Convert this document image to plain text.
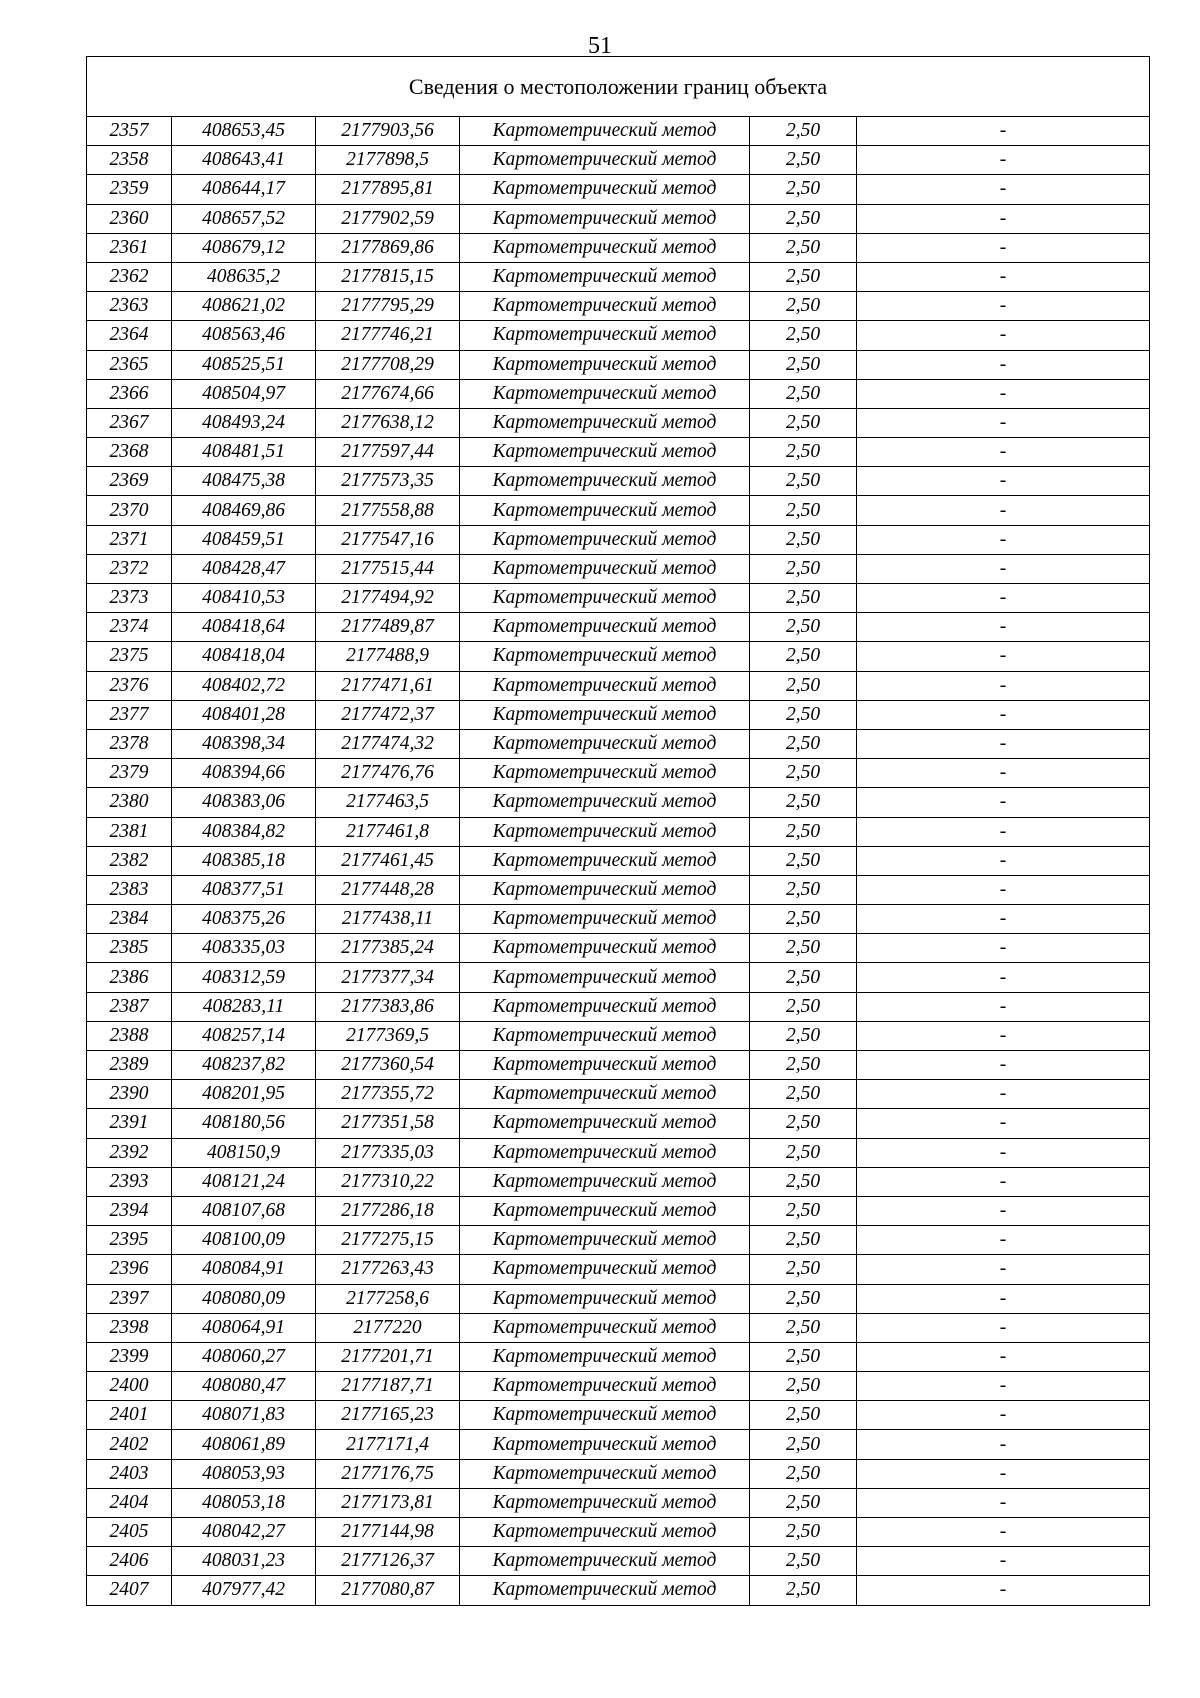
51
Сведения о местоположении границ объекта					
2357	408653,45	2177903,56	Картометрический метод	2,50	-
2358	408643,41	2177898,5	Картометрический метод	2,50	-
2359	408644,17	2177895,81	Картометрический метод	2,50	-
2360	408657,52	2177902,59	Картометрический метод	2,50	-
2361	408679,12	2177869,86	Картометрический метод	2,50	-
2362	408635,2	2177815,15	Картометрический метод	2,50	-
2363	408621,02	2177795,29	Картометрический метод	2,50	-
2364	408563,46	2177746,21	Картометрический метод	2,50	-
2365	408525,51	2177708,29	Картометрический метод	2,50	-
2366	408504,97	2177674,66	Картометрический метод	2,50	-
2367	408493,24	2177638,12	Картометрический метод	2,50	-
2368	408481,51	2177597,44	Картометрический метод	2,50	-
2369	408475,38	2177573,35	Картометрический метод	2,50	-
2370	408469,86	2177558,88	Картометрический метод	2,50	-
2371	408459,51	2177547,16	Картометрический метод	2,50	-
2372	408428,47	2177515,44	Картометрический метод	2,50	-
2373	408410,53	2177494,92	Картометрический метод	2,50	-
2374	408418,64	2177489,87	Картометрический метод	2,50	-
2375	408418,04	2177488,9	Картометрический метод	2,50	-
2376	408402,72	2177471,61	Картометрический метод	2,50	-
2377	408401,28	2177472,37	Картометрический метод	2,50	-
2378	408398,34	2177474,32	Картометрический метод	2,50	-
2379	408394,66	2177476,76	Картометрический метод	2,50	-
2380	408383,06	2177463,5	Картометрический метод	2,50	-
2381	408384,82	2177461,8	Картометрический метод	2,50	-
2382	408385,18	2177461,45	Картометрический метод	2,50	-
2383	408377,51	2177448,28	Картометрический метод	2,50	-
2384	408375,26	2177438,11	Картометрический метод	2,50	-
2385	408335,03	2177385,24	Картометрический метод	2,50	-
2386	408312,59	2177377,34	Картометрический метод	2,50	-
2387	408283,11	2177383,86	Картометрический метод	2,50	-
2388	408257,14	2177369,5	Картометрический метод	2,50	-
2389	408237,82	2177360,54	Картометрический метод	2,50	-
2390	408201,95	2177355,72	Картометрический метод	2,50	-
2391	408180,56	2177351,58	Картометрический метод	2,50	-
2392	408150,9	2177335,03	Картометрический метод	2,50	-
2393	408121,24	2177310,22	Картометрический метод	2,50	-
2394	408107,68	2177286,18	Картометрический метод	2,50	-
2395	408100,09	2177275,15	Картометрический метод	2,50	-
2396	408084,91	2177263,43	Картометрический метод	2,50	-
2397	408080,09	2177258,6	Картометрический метод	2,50	-
2398	408064,91	2177220	Картометрический метод	2,50	-
2399	408060,27	2177201,71	Картометрический метод	2,50	-
2400	408080,47	2177187,71	Картометрический метод	2,50	-
2401	408071,83	2177165,23	Картометрический метод	2,50	-
2402	408061,89	2177171,4	Картометрический метод	2,50	-
2403	408053,93	2177176,75	Картометрический метод	2,50	-
2404	408053,18	2177173,81	Картометрический метод	2,50	-
2405	408042,27	2177144,98	Картометрический метод	2,50	-
2406	408031,23	2177126,37	Картометрический метод	2,50	-
2407	407977,42	2177080,87	Картометрический метод	2,50	-
